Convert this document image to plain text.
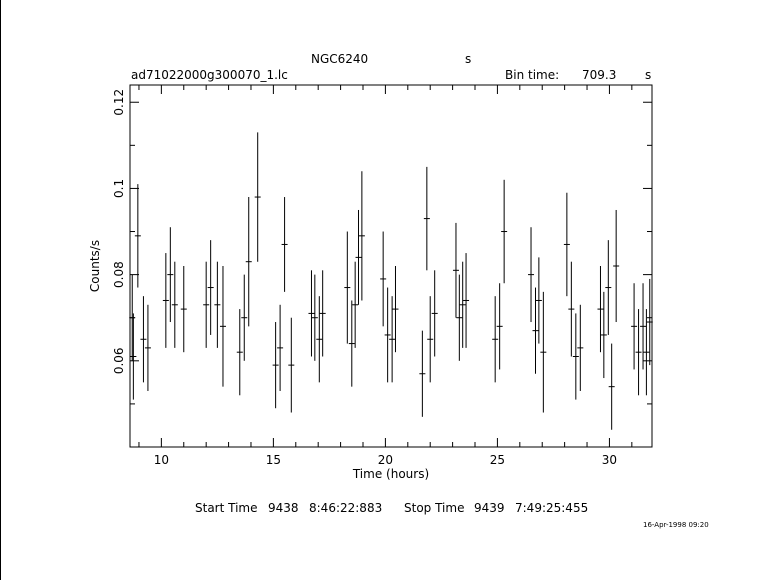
NGC6240	s
ad71022000g300070_1.lc	Bin time: 709.3 s
10	15	20	25	30
0.06
0.08
0.1
0.12
Time (hours)
Counts/s
Start Time 9438 8:46:22:883 Stop Time 9439 7:49:25:455
16-Apr-1998 09:20
